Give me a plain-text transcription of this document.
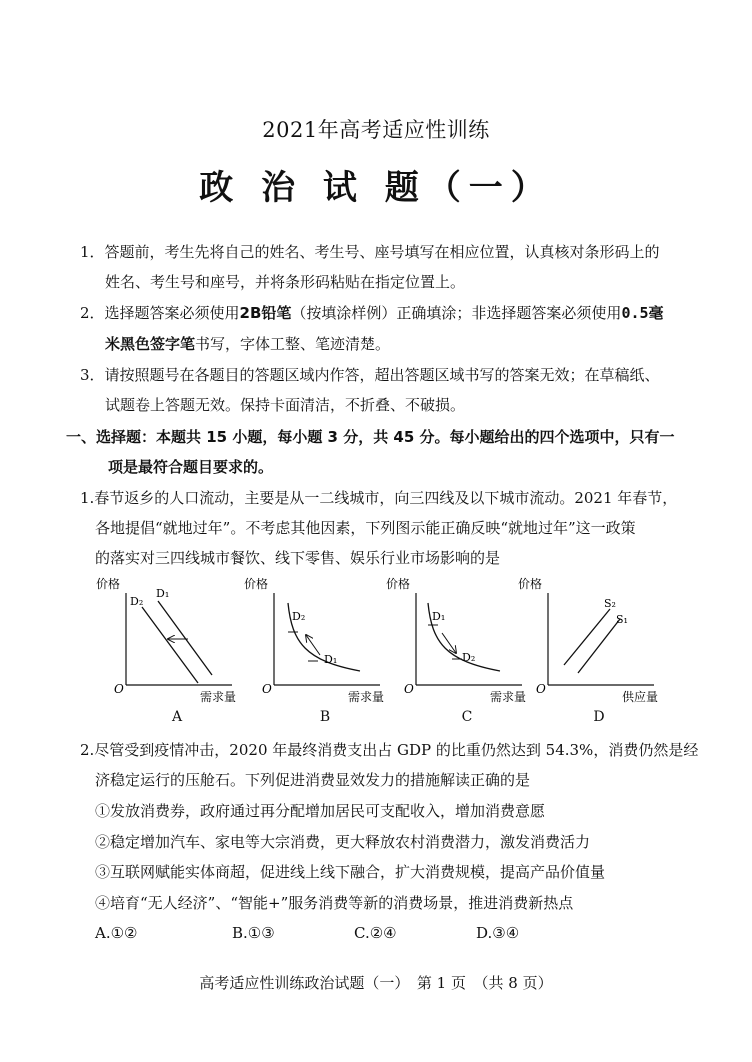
2021年高考适应性训练
政 治 试 题（一）
1．答题前，考生先将自己的姓名、考生号、座号填写在相应位置，认真核对条形码上的
姓名、考生号和座号，并将条形码粘贴在指定位置上。
2．选择题答案必须使用2B铅笔（按填涂样例）正确填涂；非选择题答案必须使用0.5毫
米黑色签字笔书写，字体工整、笔迹清楚。
3．请按照题号在各题目的答题区域内作答，超出答题区域书写的答案无效；在草稿纸、
试题卷上答题无效。保持卡面清洁，不折叠、不破损。
一、选择题：本题共 15 小题，每小题 3 分，共 45 分。每小题给出的四个选项中，只有一
项是最符合题目要求的。
1.春节返乡的人口流动，主要是从一二线城市，向三四线及以下城市流动。2021 年春节，
各地提倡“就地过年”。不考虑其他因素，下列图示能正确反映“就地过年”这一政策
的落实对三四线城市餐饮、线下零售、娱乐行业市场影响的是
价格
需求量
O
D₂
D₁
A
价格
需求量
O
D₂
D₁
B
价格
需求量
O
D₁
D₂
C
价格
供应量
O
S₂
S₁
D
2.尽管受到疫情冲击，2020 年最终消费支出占 GDP 的比重仍然达到 54.3%，消费仍然是经
济稳定运行的压舱石。下列促进消费显效发力的措施解读正确的是
①发放消费券，政府通过再分配增加居民可支配收入，增加消费意愿
②稳定增加汽车、家电等大宗消费，更大释放农村消费潜力，激发消费活力
③互联网赋能实体商超，促进线上线下融合，扩大消费规模，提高产品价值量
④培育“无人经济”、“智能+”服务消费等新的消费场景，推进消费新热点
A.①②	B.①③	C.②④	D.③④
高考适应性训练政治试题（一）　第 1 页　（共 8 页）
